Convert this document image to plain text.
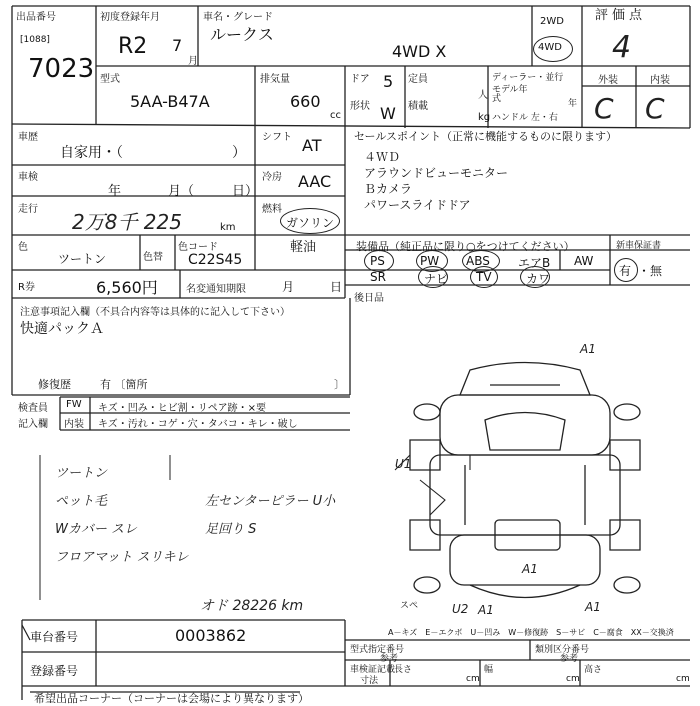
出品番号
[1088]
7023
初度登録年月
R2 7
月
車名・グレード
ルークス
4WD X
2WD
4WD
評価点
4
型式
5AA-B47A
排気量
660
cc
ドア 5 定員
人
形状 W 積載
kg
ディーラー・並行
モデル年式	年
ハンドル 左・右
外装	内装
C C
車歴
自家用・（	）
シフト AT
車検
年	月（	日）
冷房 AAC
走行
2万8千 225	km
燃料
ガソリン
軽油
色
ツートン	色替
色コード
C22S45
R券	6,560円	名変通知期限	月	日
セールスポイント（正常に機能するものに限ります）
４ＷＤ
アラウンドビューモニター
Ｂカメラ
パワースライドドア
装備品（純正品に限り○をつけてください）	新車保証書
有 ・無
PS	PW ABS エアB AW
SR	TV
ナビ	カワ
後日品
注意事項記入欄（不具合内容等は具体的に記入して下さい）
快適パックＡ
修復歴	有 〔箇所	〕
検査員
記入欄
FW キズ・凹み・ヒビ割・リペア跡・×要
内装 キズ・汚れ・コゲ・穴・タバコ・キレ・破し
ツートン
ペット毛
Wカバー スレ
フロアマット スリキレ
左センターピラー U小
足回り S
オド 28226 km
A1
U1
A1
A1
U2	A1
スペ
車台番号	0003862
登録番号
A－キズ　E－エクボ　U－凹み　W－修復跡　S－サビ　C－腐食　XX－交換済
型式指定番号
参考
類別区分番号
参考
車検証記載
寸法
長さ	幅	高さ
cm	cm	cm
希望出品コーナー（コーナーは会場により異なります）
